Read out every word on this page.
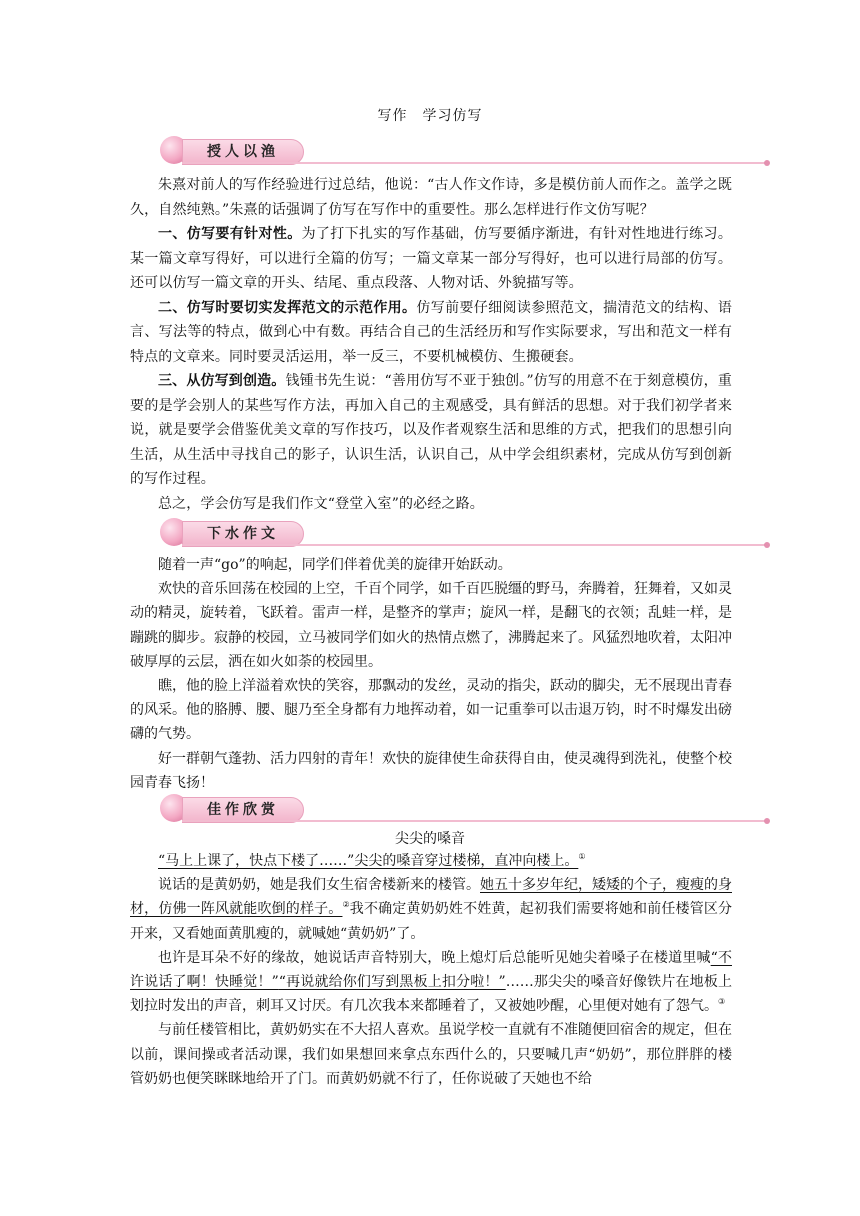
写作　学习仿写
授人以渔

朱熹对前人的写作经验进行过总结，他说：“古人作文作诗，多是模仿前人而作之。盖学之既久，自然纯熟。”朱熹的话强调了仿写在写作中的重要性。那么怎样进行作文仿写呢？

一、仿写要有针对性。为了打下扎实的写作基础，仿写要循序渐进，有针对性地进行练习。某一篇文章写得好，可以进行全篇的仿写；一篇文章某一部分写得好，也可以进行局部的仿写。还可以仿写一篇文章的开头、结尾、重点段落、人物对话、外貌描写等。

二、仿写时要切实发挥范文的示范作用。仿写前要仔细阅读参照范文，揣清范文的结构、语言、写法等的特点，做到心中有数。再结合自己的生活经历和写作实际要求，写出和范文一样有特点的文章来。同时要灵活运用，举一反三，不要机械模仿、生搬硬套。

三、从仿写到创造。钱锺书先生说：“善用仿写不亚于独创。”仿写的用意不在于刻意模仿，重要的是学会别人的某些写作方法，再加入自己的主观感受，具有鲜活的思想。对于我们初学者来说，就是要学会借鉴优美文章的写作技巧，以及作者观察生活和思维的方式，把我们的思想引向生活，从生活中寻找自己的影子，认识生活，认识自己，从中学会组织素材，完成从仿写到创新的写作过程。

总之，学会仿写是我们作文“登堂入室”的必经之路。

下水作文

随着一声“go”的响起，同学们伴着优美的旋律开始跃动。

欢快的音乐回荡在校园的上空，千百个同学，如千百匹脱缰的野马，奔腾着，狂舞着，又如灵动的精灵，旋转着，飞跃着。雷声一样，是整齐的掌声；旋风一样，是翻飞的衣领；乱蛙一样，是蹦跳的脚步。寂静的校园，立马被同学们如火的热情点燃了，沸腾起来了。风猛烈地吹着，太阳冲破厚厚的云层，洒在如火如荼的校园里。

瞧，他的脸上洋溢着欢快的笑容，那飘动的发丝，灵动的指尖，跃动的脚尖，无不展现出青春的风采。他的胳膊、腰、腿乃至全身都有力地挥动着，如一记重拳可以击退万钧，时不时爆发出磅礴的气势。

好一群朝气蓬勃、活力四射的青年！欢快的旋律使生命获得自由，使灵魂得到洗礼，使整个校园青春飞扬！

佳作欣赏
尖尖的嗓音

“马上上课了，快点下楼了……”尖尖的嗓音穿过楼梯，直冲向楼上。①

说话的是黄奶奶，她是我们女生宿舍楼新来的楼管。她五十多岁年纪，矮矮的个子，瘦瘦的身材，仿佛一阵风就能吹倒的样子。②我不确定黄奶奶姓不姓黄，起初我们需要将她和前任楼管区分开来，又看她面黄肌瘦的，就喊她“黄奶奶”了。

也许是耳朵不好的缘故，她说话声音特别大，晚上熄灯后总能听见她尖着嗓子在楼道里喊“不许说话了啊！快睡觉！”“再说就给你们写到黑板上扣分啦！”……那尖尖的嗓音好像铁片在地板上划拉时发出的声音，刺耳又讨厌。有几次我本来都睡着了，又被她吵醒，心里便对她有了怨气。③

与前任楼管相比，黄奶奶实在不大招人喜欢。虽说学校一直就有不准随便回宿舍的规定，但在以前，课间操或者活动课，我们如果想回来拿点东西什么的，只要喊几声“奶奶”，那位胖胖的楼管奶奶也便笑眯眯地给开了门。而黄奶奶就不行了，任你说破了天她也不给
